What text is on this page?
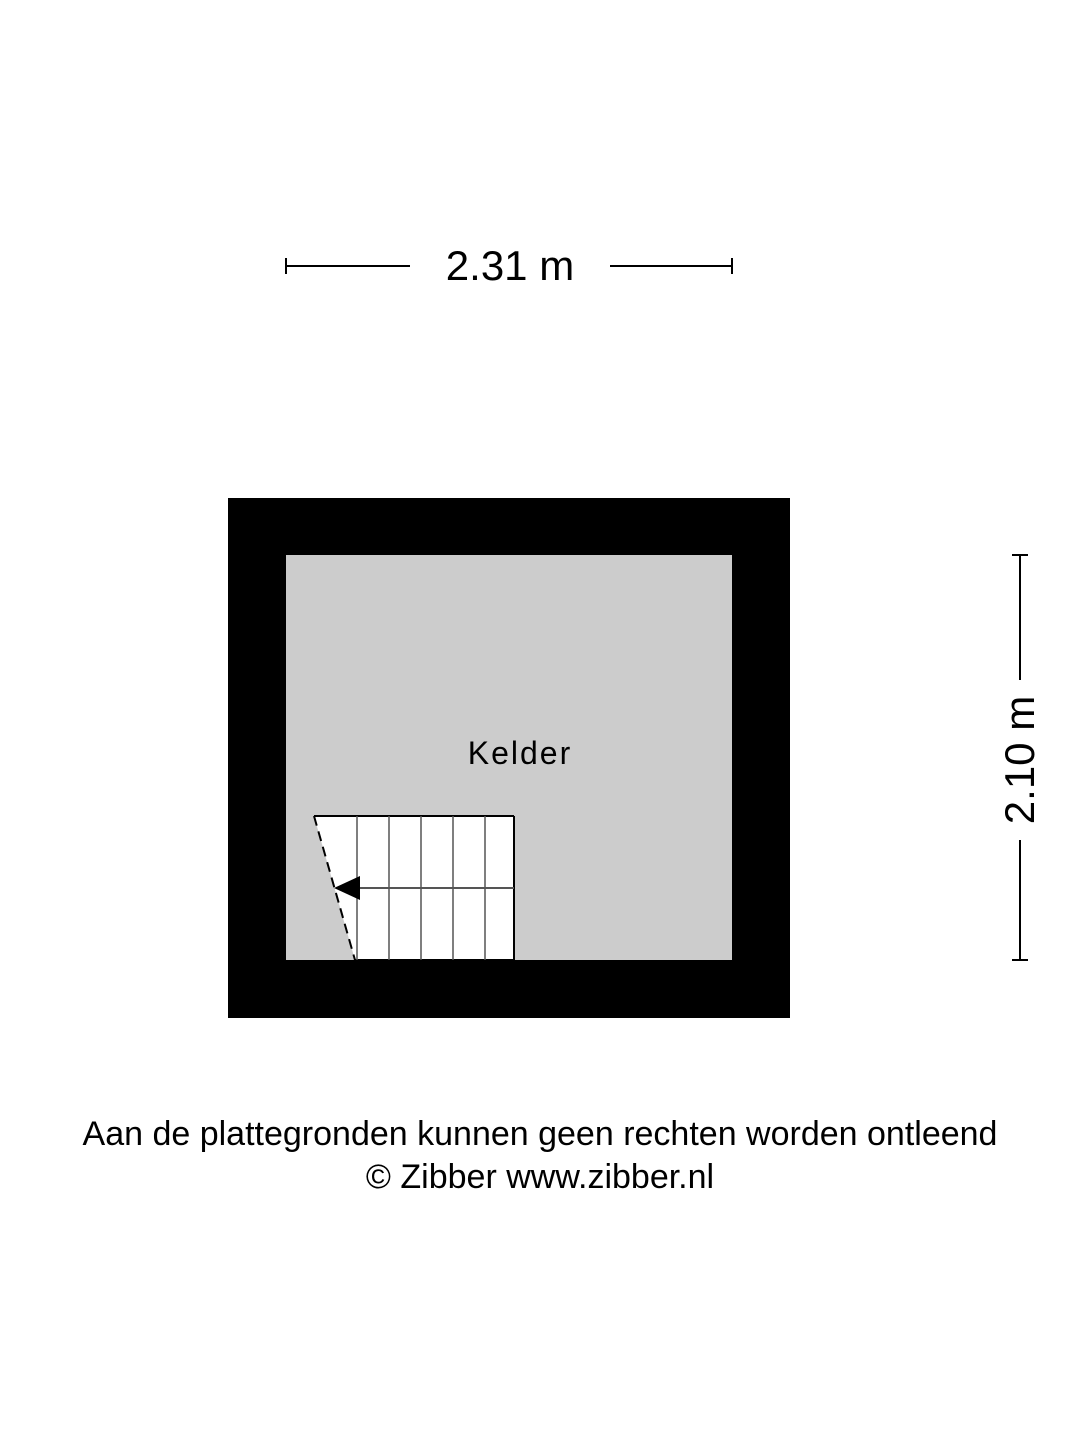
2.31 m
2.10 m
Kelder
Aan de plattegronden kunnen geen rechten worden ontleend
© Zibber www.zibber.nl
